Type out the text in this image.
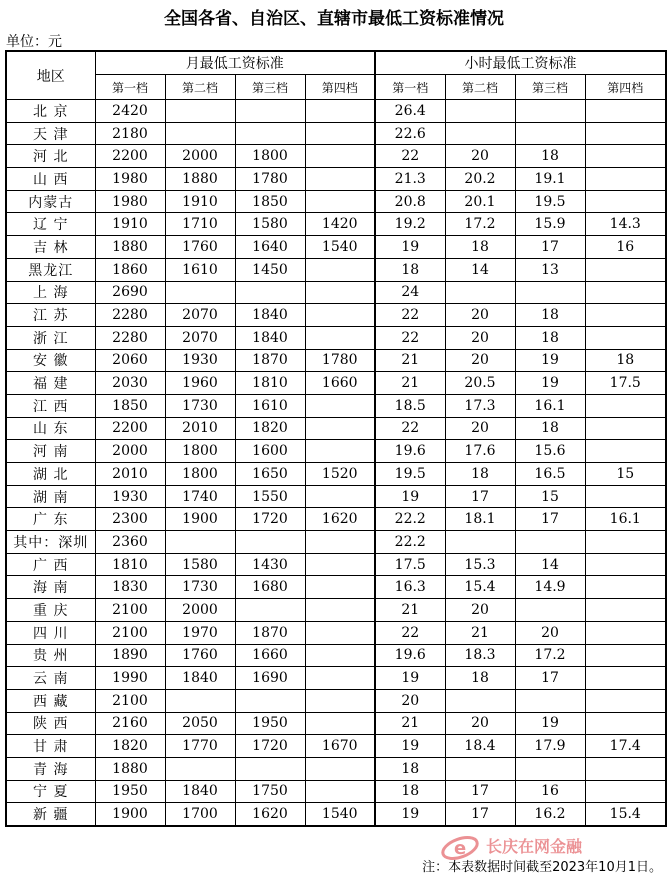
全国各省、自治区、直辖市最低工资标准情况
单位：元
地区	月最低工资标准				小时最低工资标准			
	第一档	第二档	第三档	第四档	第一档	第二档	第三档	第四档
北 京	2420				26.4			
天 津	2180				22.6			
河 北	2200	2000	1800		22	20	18	
山 西	1980	1880	1780		21.3	20.2	19.1	
内蒙古	1980	1910	1850		20.8	20.1	19.5	
辽 宁	1910	1710	1580	1420	19.2	17.2	15.9	14.3
吉 林	1880	1760	1640	1540	19	18	17	16
黑龙江	1860	1610	1450		18	14	13	
上 海	2690				24			
江 苏	2280	2070	1840		22	20	18	
浙 江	2280	2070	1840		22	20	18	
安 徽	2060	1930	1870	1780	21	20	19	18
福 建	2030	1960	1810	1660	21	20.5	19	17.5
江 西	1850	1730	1610		18.5	17.3	16.1	
山 东	2200	2010	1820		22	20	18	
河 南	2000	1800	1600		19.6	17.6	15.6	
湖 北	2010	1800	1650	1520	19.5	18	16.5	15
湖 南	1930	1740	1550		19	17	15	
广 东	2300	1900	1720	1620	22.2	18.1	17	16.1
其中：深圳	2360				22.2			
广 西	1810	1580	1430		17.5	15.3	14	
海 南	1830	1730	1680		16.3	15.4	14.9	
重 庆	2100	2000			21	20		
四 川	2100	1970	1870		22	21	20	
贵 州	1890	1760	1660		19.6	18.3	17.2	
云 南	1990	1840	1690		19	18	17	
西 藏	2100				20			
陕 西	2160	2050	1950		21	20	19	
甘 肃	1820	1770	1720	1670	19	18.4	17.9	17.4
青 海	1880				18			
宁 夏	1950	1840	1750		18	17	16	
新 疆	1900	1700	1620	1540	19	17	16.2	15.4
注：本表数据时间截至2023年10月1日。
e 长庆在网金融
